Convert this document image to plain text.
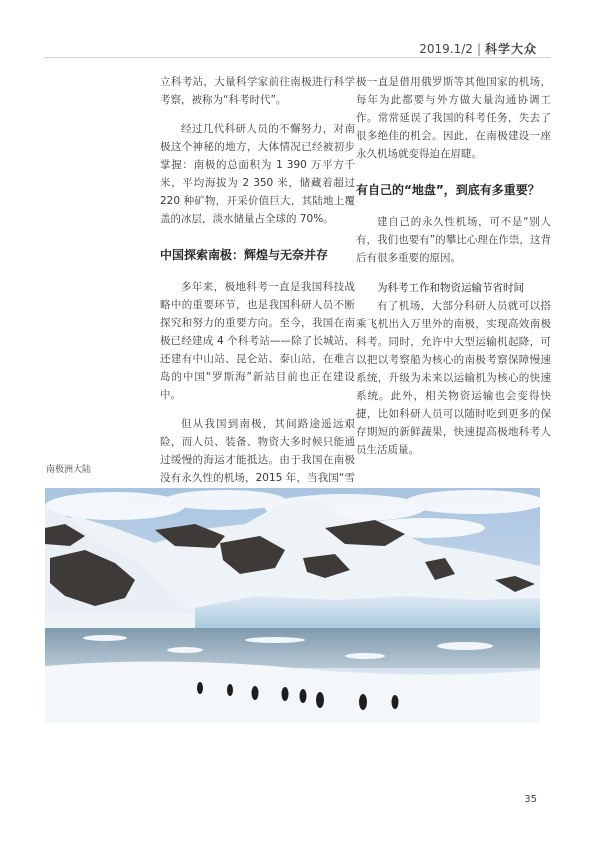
2019.1/2 | 科学大众

立科考站，大量科学家前往南极进行科学考察，被称为“科考时代”。

经过几代科研人员的不懈努力，对南极这个神秘的地方，大体情况已经被初步掌握：南极的总面积为 1 390 万平方千米，平均海拔为 2 350 米，储藏着超过 220 种矿物，开采价值巨大，其陆地上覆盖的冰层，淡水储量占全球的 70%。

中国探索南极：辉煌与无奈并存

多年来，极地科考一直是我国科技战略中的重要环节，也是我国科研人员不断探究和努力的重要方向。至今，我国在南极已经建成 4 个科考站——除了长城站，还建有中山站、昆仑站、泰山站，在难言岛的中国“罗斯海”新站目前也正在建设中。

但从我国到南极，其间路途遥远艰险，而人员、装备、物资大多时候只能通过缓慢的海运才能抵达。由于我国在南极没有永久性的机场，2015 年，当我国“雪

极一直是借用俄罗斯等其他国家的机场，每年为此都要与外方做大量沟通协调工作。常常延误了我国的科考任务，失去了很多绝佳的机会。因此，在南极建设一座永久机场就变得迫在眉睫。

有自己的“地盘”，到底有多重要？

建自己的永久性机场，可不是“别人有，我们也要有”的攀比心理在作祟，这背后有很多重要的原因。

为科考工作和物资运输节省时间

有了机场，大部分科研人员就可以搭乘飞机出入万里外的南极，实现高效南极科考。同时，允许中大型运输机起降，可以把以考察船为核心的南极考察保障慢速系统，升级为未来以运输机为核心的快速系统。此外，相关物资运输也会变得快捷，比如科研人员可以随时吃到更多的保存期短的新鲜蔬果，快速提高极地科考人员生活质量。

南极洲大陆
35
